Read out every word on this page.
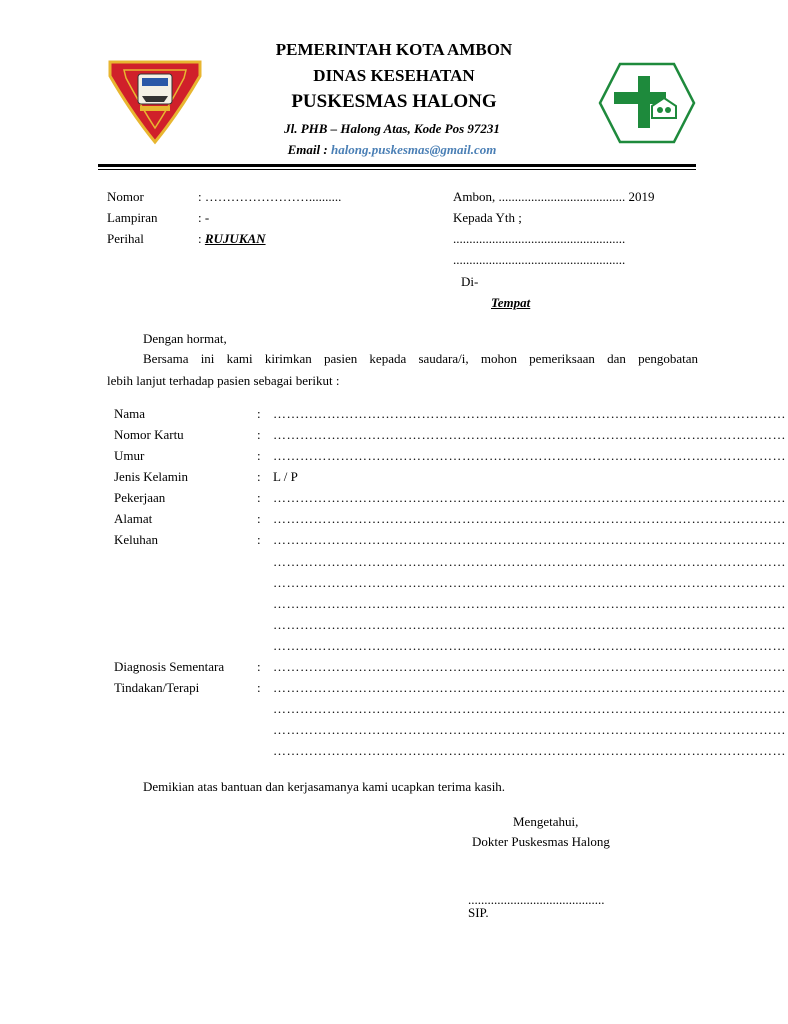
PEMERINTAH KOTA AMBON
DINAS KESEHATAN
PUSKESMAS HALONG
Jl. PHB – Halong Atas, Kode Pos 97231
Email : halong.puskesmas@gmail.com
Nomor	: ……………………..........
Lampiran	: -
Perihal	: RUJUKAN
Ambon, ....................................... 2019
Kepada Yth ;
.....................................................
.....................................................
Di-
Tempat
Dengan hormat,
Bersama ini kami kirimkan pasien kepada saudara/i, mohon pemeriksaan dan pengobatan
lebih lanjut terhadap pasien sebagai berikut :
Nama	: ……………………………………………………………………………………………………
Nomor Kartu	: ……………………………………………………………………………………………………
Umur	: ……………………………………………………………………………………………………
Jenis Kelamin	: L / P
Pekerjaan	: ……………………………………………………………………………………………………
Alamat	: ……………………………………………………………………………………………………
Keluhan	: ……………………………………………………………………………………………………
……………………………………………………………………………………………………
……………………………………………………………………………………………………
……………………………………………………………………………………………………
……………………………………………………………………………………………………
……………………………………………………………………………………………………
Diagnosis Sementara	: ……………………………………………………………………………………………………
Tindakan/Terapi	: ……………………………………………………………………………………………………
……………………………………………………………………………………………………
……………………………………………………………………………………………………
……………………………………………………………………………………………………
Demikian atas bantuan dan kerjasamanya kami ucapkan terima kasih.
Mengetahui,
Dokter Puskesmas Halong
..........................................
SIP.
